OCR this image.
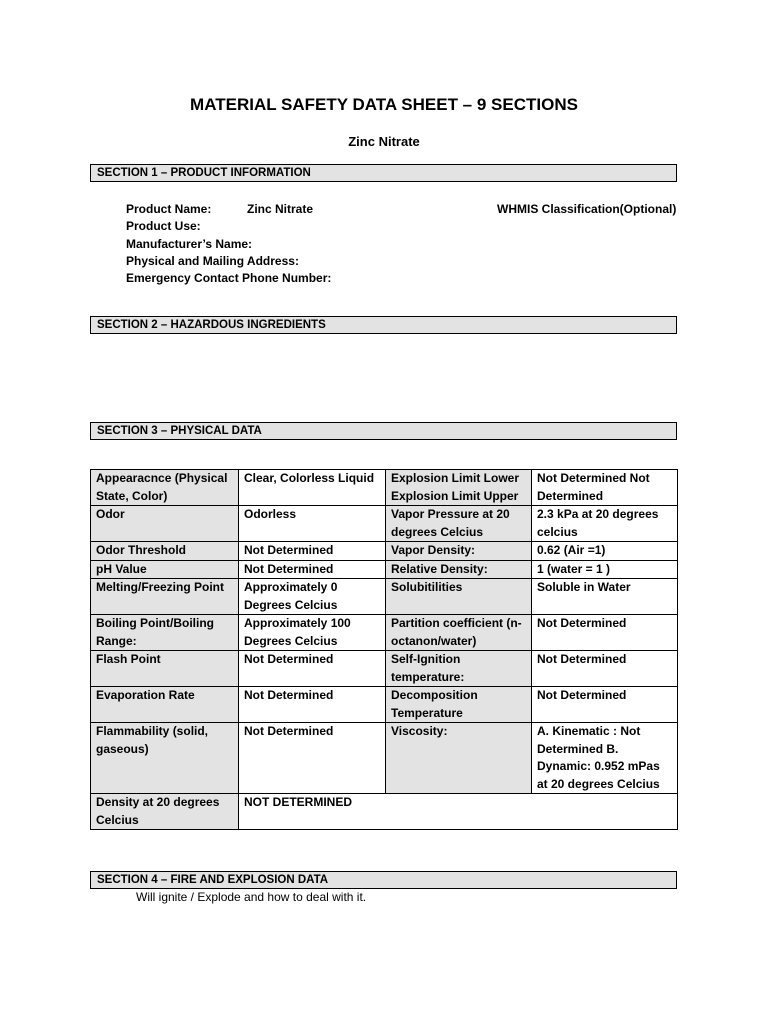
MATERIAL SAFETY DATA SHEET – 9 SECTIONS
Zinc Nitrate
SECTION 1 – PRODUCT INFORMATION
Product Name:	Zinc Nitrate
Product Use:
Manufacturer’s Name:
Physical and Mailing Address:
Emergency Contact Phone Number:
WHMIS Classification(Optional)
SECTION 2 – HAZARDOUS INGREDIENTS
SECTION 3 – PHYSICAL DATA
Appearacnce (Physical State, Color)	Clear, Colorless Liquid	Explosion Limit Lower Explosion Limit Upper	Not Determined Not Determined
Odor	Odorless	Vapor Pressure at 20 degrees Celcius	2.3 kPa at 20 degrees celcius
Odor Threshold	Not Determined	Vapor Density:	0.62 (Air =1)
pH Value	Not Determined	Relative Density:	1 (water = 1 )
Melting/Freezing Point	Approximately 0 Degrees Celcius	Solubitilities	Soluble in Water
Boiling Point/Boiling Range:	Approximately 100 Degrees Celcius	Partition coefficient (n-octanon/water)	Not Determined
Flash Point	Not Determined	Self-Ignition temperature:	Not Determined
Evaporation Rate	Not Determined	Decomposition Temperature	Not Determined
Flammability (solid, gaseous)	Not Determined	Viscosity:	A. Kinematic : Not Determined B. Dynamic: 0.952 mPas at 20 degrees Celcius
Density at 20 degrees Celcius	NOT DETERMINED		
SECTION 4 – FIRE AND EXPLOSION DATA
Will ignite / Explode and how to deal with it.
